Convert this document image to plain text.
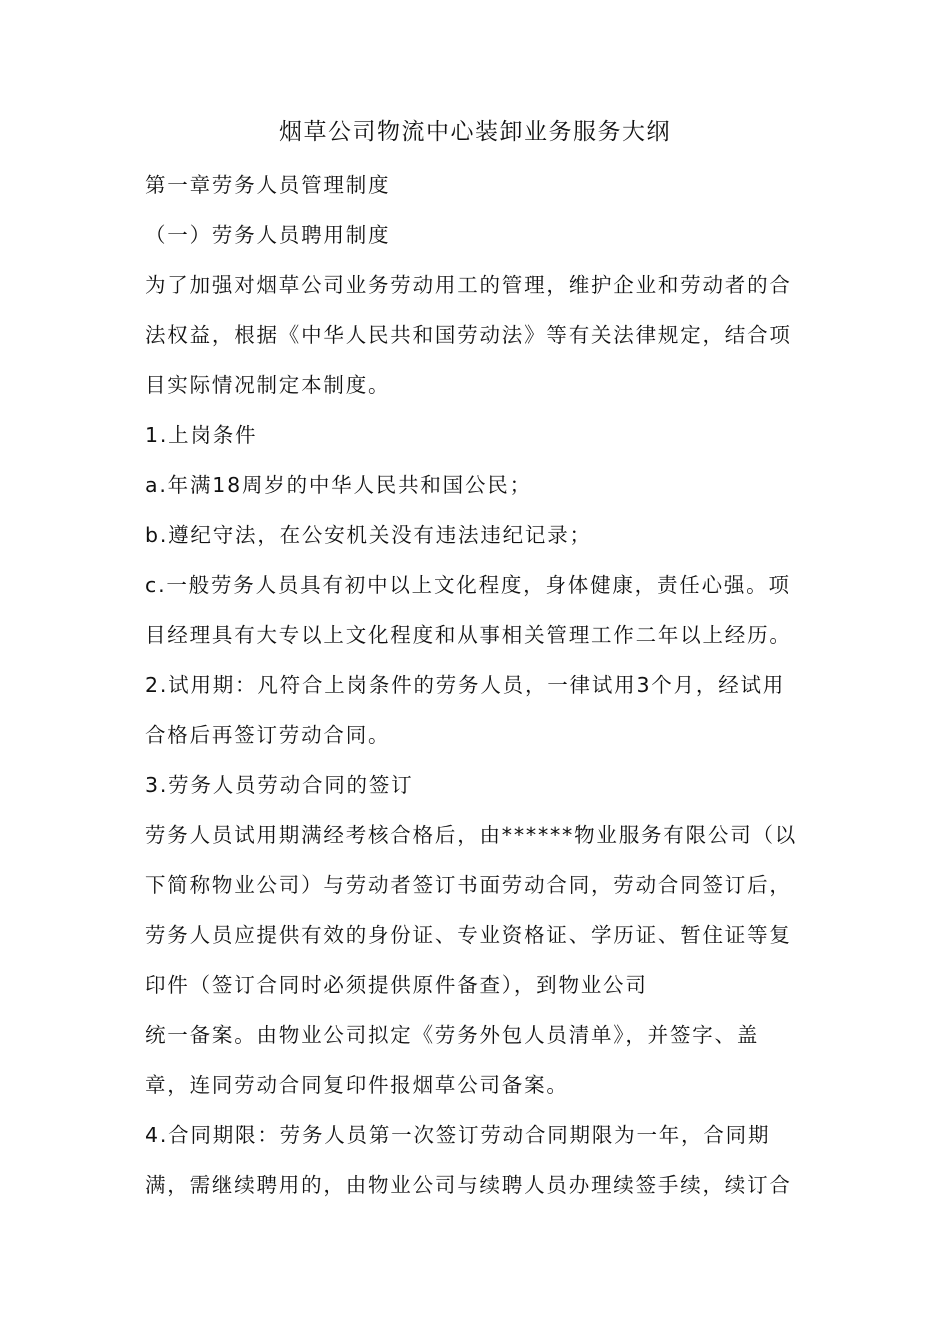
烟草公司物流中心装卸业务服务大纲
第一章劳务人员管理制度
（一）劳务人员聘用制度
为了加强对烟草公司业务劳动用工的管理，维护企业和劳动者的合
法权益，根据《中华人民共和国劳动法》等有关法律规定，结合项
目实际情况制定本制度。
1.上岗条件
a.年满18周岁的中华人民共和国公民；
b.遵纪守法，在公安机关没有违法违纪记录；
c.一般劳务人员具有初中以上文化程度，身体健康，责任心强。项
目经理具有大专以上文化程度和从事相关管理工作二年以上经历。
2.试用期：凡符合上岗条件的劳务人员，一律试用3个月，经试用
合格后再签订劳动合同。
3.劳务人员劳动合同的签订
劳务人员试用期满经考核合格后，由******物业服务有限公司（以
下简称物业公司）与劳动者签订书面劳动合同，劳动合同签订后，
劳务人员应提供有效的身份证、专业资格证、学历证、暂住证等复
印件（签订合同时必须提供原件备查），到物业公司
统一备案。由物业公司拟定《劳务外包人员清单》，并签字、盖
章，连同劳动合同复印件报烟草公司备案。
4.合同期限：劳务人员第一次签订劳动合同期限为一年，合同期
满，需继续聘用的，由物业公司与续聘人员办理续签手续，续订合
